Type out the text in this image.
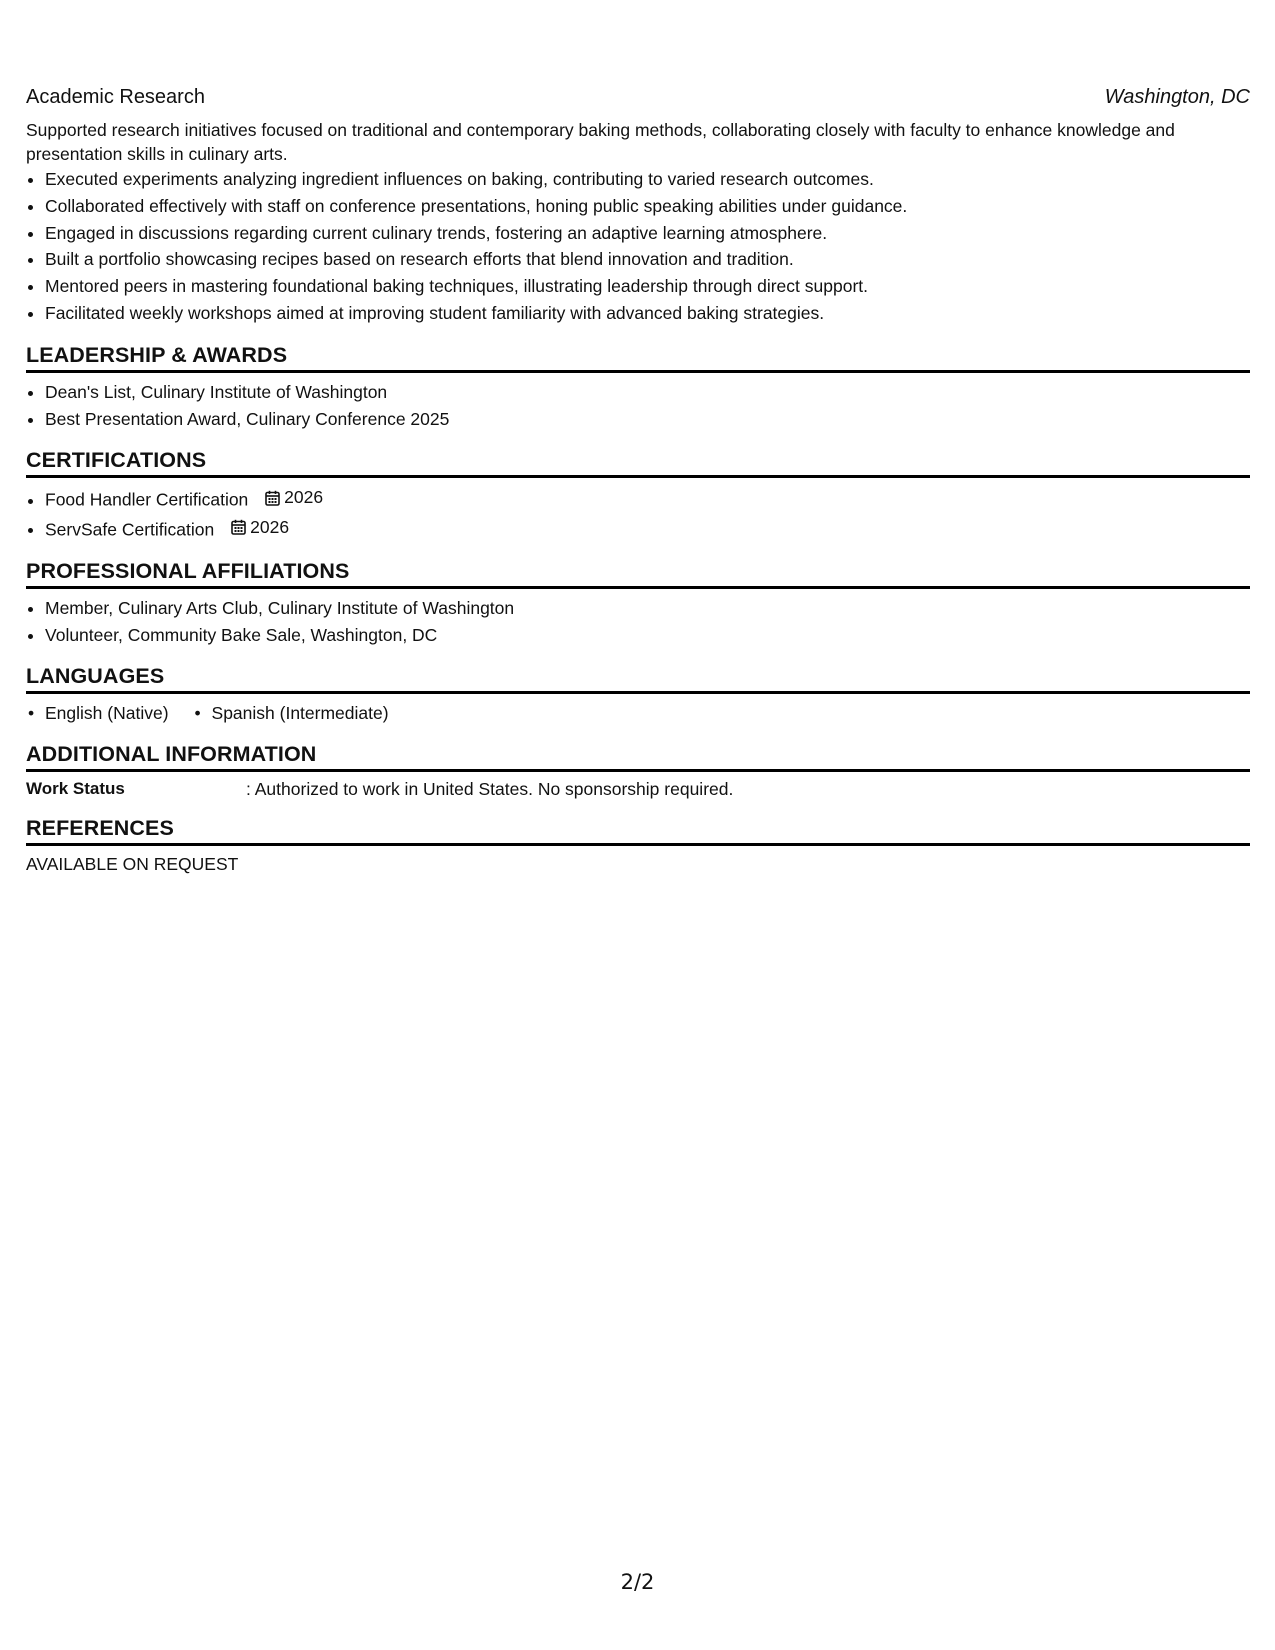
Academic Research	Washington, DC
Supported research initiatives focused on traditional and contemporary baking methods, collaborating closely with faculty to enhance knowledge and presentation skills in culinary arts.
• Executed experiments analyzing ingredient influences on baking, contributing to varied research outcomes.
• Collaborated effectively with staff on conference presentations, honing public speaking abilities under guidance.
• Engaged in discussions regarding current culinary trends, fostering an adaptive learning atmosphere.
• Built a portfolio showcasing recipes based on research efforts that blend innovation and tradition.
• Mentored peers in mastering foundational baking techniques, illustrating leadership through direct support.
• Facilitated weekly workshops aimed at improving student familiarity with advanced baking strategies.
LEADERSHIP & AWARDS
• Dean's List, Culinary Institute of Washington
• Best Presentation Award, Culinary Conference 2025
CERTIFICATIONS
• Food Handler Certification 2026
• ServSafe Certification 2026
PROFESSIONAL AFFILIATIONS
• Member, Culinary Arts Club, Culinary Institute of Washington
• Volunteer, Community Bake Sale, Washington, DC
LANGUAGES
• English (Native)
•	Spanish (Intermediate)
ADDITIONAL INFORMATION
Work Status	: Authorized to work in United States. No sponsorship required.
REFERENCES
AVAILABLE ON REQUEST
2/2
